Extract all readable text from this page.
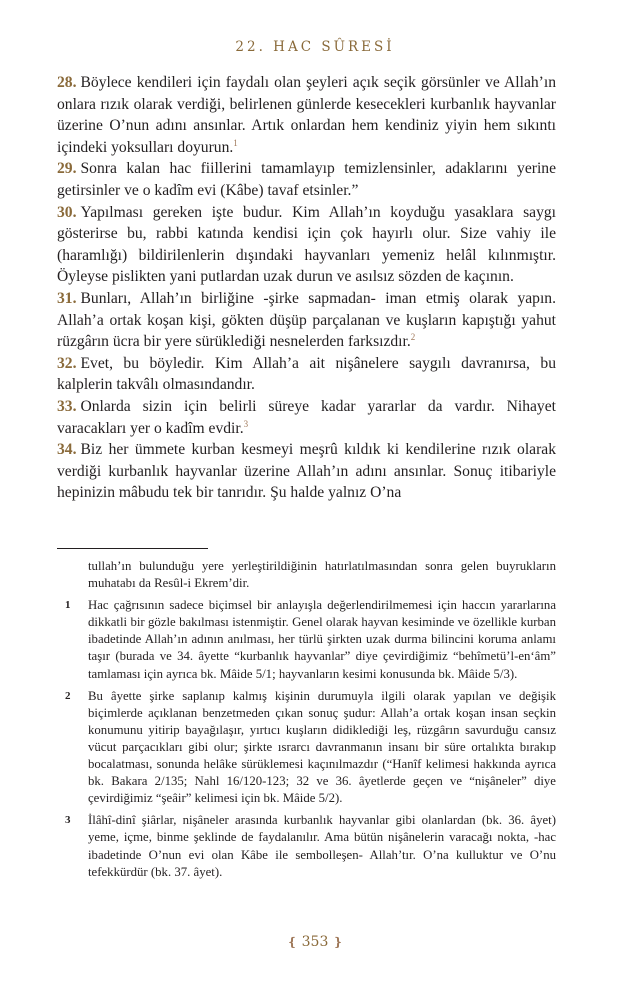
22. HAC SÛRESİ

28. Böylece kendileri için faydalı olan şeyleri açık seçik görsünler ve Allah’ın onlara rızık olarak verdiği, belirlenen günlerde kesecekleri kurbanlık hayvanlar üzerine O’nun adını ansınlar. Artık onlardan hem kendiniz yiyin hem sıkıntı içindeki yoksulları doyurun.$^1$

29. Sonra kalan hac fiillerini tamamlayıp temizlensinler, adaklarını yerine getirsinler ve o kadîm evi (Kâbe) tavaf etsinler.”

30. Yapılması gereken işte budur. Kim Allah’ın koyduğu yasaklara saygı gösterirse bu, rabbi katında kendisi için çok hayırlı olur. Size vahiy ile (haramlığı) bildirilenlerin dışındaki hayvanları yemeniz helâl kılınmıştır. Öyleyse pislikten yani putlardan uzak durun ve asılsız sözden de kaçının.

31. Bunları, Allah’ın birliğine -şirke sapmadan- iman etmiş olarak yapın. Allah’a ortak koşan kişi, gökten düşüp parçalanan ve kuşların kapıştığı yahut rüzgârın ücra bir yere sürüklediği nesnelerden farksızdır.$^2$

32. Evet, bu böyledir. Kim Allah’a ait nişânelere saygılı davranırsa, bu kalplerin takvâlı olmasındandır.

33. Onlarda sizin için belirli süreye kadar yararlar da vardır. Nihayet varacakları yer o kadîm evdir.$^3$

34. Biz her ümmete kurban kesmeyi meşrû kıldık ki kendilerine rızık olarak verdiği kurbanlık hayvanlar üzerine Allah’ın adını ansınlar. Sonuç itibariyle hepinizin mâbudu tek bir tanrıdır. Şu halde yalnız O’na

tullah’ın bulunduğu yere yerleştirildiğinin hatırlatılmasından sonra gelen buyrukların muhatabı da Resûl-i Ekrem’dir.

1 Hac çağrısının sadece biçimsel bir anlayışla değerlendirilmemesi için haccın yararlarına dikkatli bir gözle bakılması istenmiştir. Genel olarak hayvan kesiminde ve özellikle kurban ibadetinde Allah’ın adının anılması, her türlü şirkten uzak durma bilincini koruma anlamı taşır (burada ve 34. âyette “kurbanlık hayvanlar” diye çevirdiğimiz “behîmetü’l-en‘âm” tamlaması için ayrıca bk. Mâide 5/1; hayvanların kesimi konusunda bk. Mâide 5/3).

2 Bu âyette şirke saplanıp kalmış kişinin durumuyla ilgili olarak yapılan ve değişik biçimlerde açıklanan benzetmeden çıkan sonuç şudur: Allah’a ortak koşan insan seçkin konumunu yitirip bayağılaşır, yırtıcı kuşların didiklediği leş, rüzgârın savurduğu cansız vücut parçacıkları gibi olur; şirkte ısrarcı davranmanın insanı bir süre ortalıkta bırakıp bocalatması, sonunda helâke sürüklemesi kaçınılmazdır (“Hanîf kelimesi hakkında ayrıca bk. Bakara 2/135; Nahl 16/120-123; 32 ve 36. âyetlerde geçen ve “nişâneler” diye çevirdiğimiz “şeâir” kelimesi için bk. Mâide 5/2).

3 İlâhî-dinî şiârlar, nişâneler arasında kurbanlık hayvanlar gibi olanlardan (bk. 36. âyet) yeme, içme, binme şeklinde de faydalanılır. Ama bütün nişânelerin varacağı nokta, -hac ibadetinde O’nun evi olan Kâbe ile sembolleşen- Allah’tır. O’na kulluktur ve O’nu tefekkürdür (bk. 37. âyet).

❴ 353 ❵
